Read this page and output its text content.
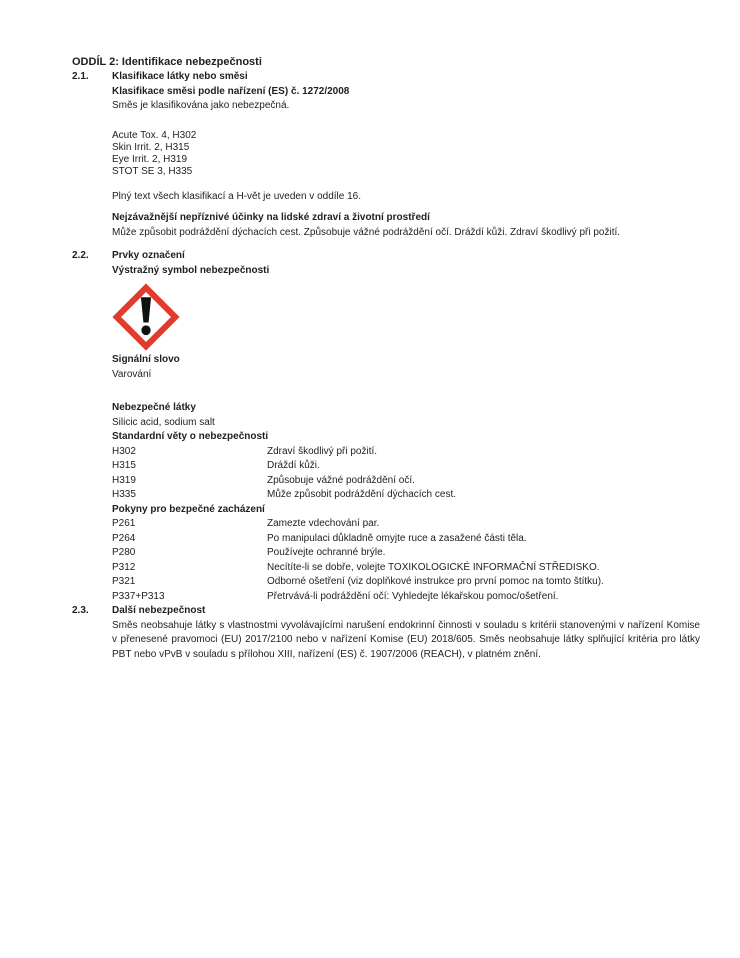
ODDÍL 2: Identifikace nebezpečnosti
2.1.	Klasifikace látky nebo směsi
Klasifikace směsi podle nařízení (ES) č. 1272/2008
Směs je klasifikována jako nebezpečná.
Acute Tox. 4, H302
Skin Irrit. 2, H315
Eye Irrit. 2, H319
STOT SE 3, H335
Plný text všech klasifikací a H-vět je uveden v oddíle 16.
Nejzávažnější nepříznivé účinky na lidské zdraví a životní prostředí
Může způsobit podráždění dýchacích cest. Způsobuje vážné podráždění očí. Dráždí kůži. Zdraví škodlivý při požití.
2.2.	Prvky označení
Výstražný symbol nebezpečnosti
Signální slovo
Varování
Nebezpečné látky
Silicic acid, sodium salt
Standardní věty o nebezpečnosti
H302	Zdraví škodlivý při požití.
H315	Dráždí kůži.
H319	Způsobuje vážné podráždění očí.
H335	Může způsobit podráždění dýchacích cest.
Pokyny pro bezpečné zacházení
P261	Zamezte vdechování par.
P264	Po manipulaci důkladně omyjte ruce a zasažené části těla.
P280	Používejte ochranné brýle.
P312	Necítíte-li se dobře, volejte TOXIKOLOGICKÉ INFORMAČNÍ STŘEDISKO.
P321	Odborné ošetření (viz doplňkové instrukce pro první pomoc na tomto štítku).
P337+P313	Přetrvává-li podráždění očí: Vyhledejte lékařskou pomoc/ošetření.
2.3.	Další nebezpečnost
Směs neobsahuje látky s vlastnostmi vyvolávajícími narušení endokrinní činnosti v souladu s kritérii stanovenými v nařízení Komise v přenesené pravomoci (EU) 2017/2100 nebo v nařízení Komise (EU) 2018/605. Směs neobsahuje látky splňující kritéria pro látky PBT nebo vPvB v souladu s přílohou XIII, nařízení (ES) č. 1907/2006 (REACH), v platném znění.
